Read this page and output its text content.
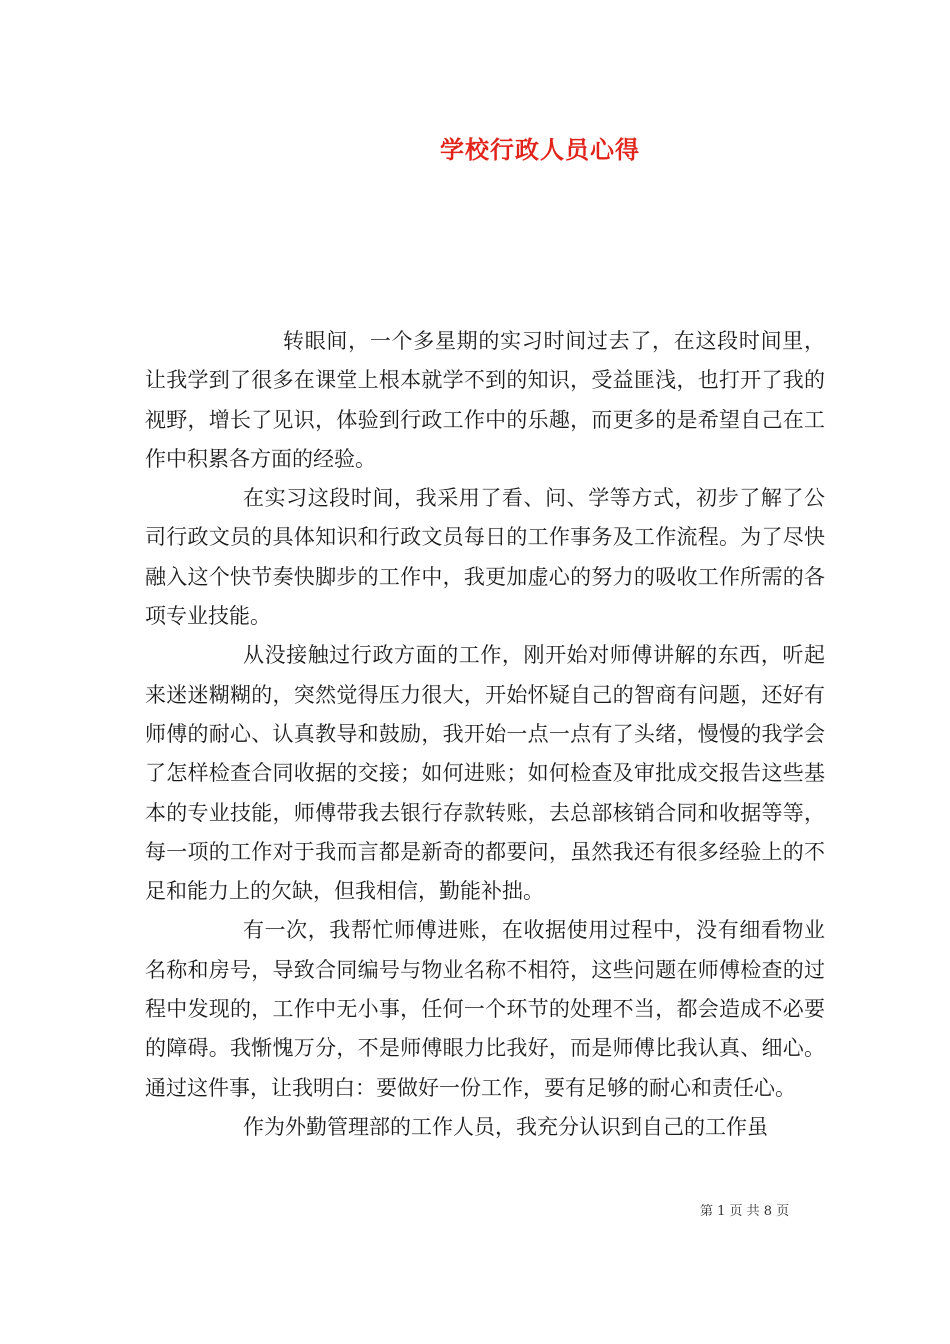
学校行政人员心得

转眼间，一个多星期的实习时间过去了，在这段时间里，让我学到了很多在课堂上根本就学不到的知识，受益匪浅，也打开了我的视野，增长了见识，体验到行政工作中的乐趣，而更多的是希望自己在工作中积累各方面的经验。

在实习这段时间，我采用了看、问、学等方式，初步了解了公司行政文员的具体知识和行政文员每日的工作事务及工作流程。为了尽快融入这个快节奏快脚步的工作中，我更加虚心的努力的吸收工作所需的各项专业技能。

从没接触过行政方面的工作，刚开始对师傅讲解的东西，听起来迷迷糊糊的，突然觉得压力很大，开始怀疑自己的智商有问题，还好有师傅的耐心、认真教导和鼓励，我开始一点一点有了头绪，慢慢的我学会了怎样检查合同收据的交接；如何进账；如何检查及审批成交报告这些基本的专业技能，师傅带我去银行存款转账，去总部核销合同和收据等等，每一项的工作对于我而言都是新奇的都要问，虽然我还有很多经验上的不足和能力上的欠缺，但我相信，勤能补拙。

有一次，我帮忙师傅进账，在收据使用过程中，没有细看物业名称和房号，导致合同编号与物业名称不相符，这些问题在师傅检查的过程中发现的，工作中无小事，任何一个环节的处理不当，都会造成不必要的障碍。我惭愧万分，不是师傅眼力比我好，而是师傅比我认真、细心。通过这件事，让我明白：要做好一份工作，要有足够的耐心和责任心。

作为外勤管理部的工作人员，我充分认识到自己的工作虽

第 1 页 共 8 页
